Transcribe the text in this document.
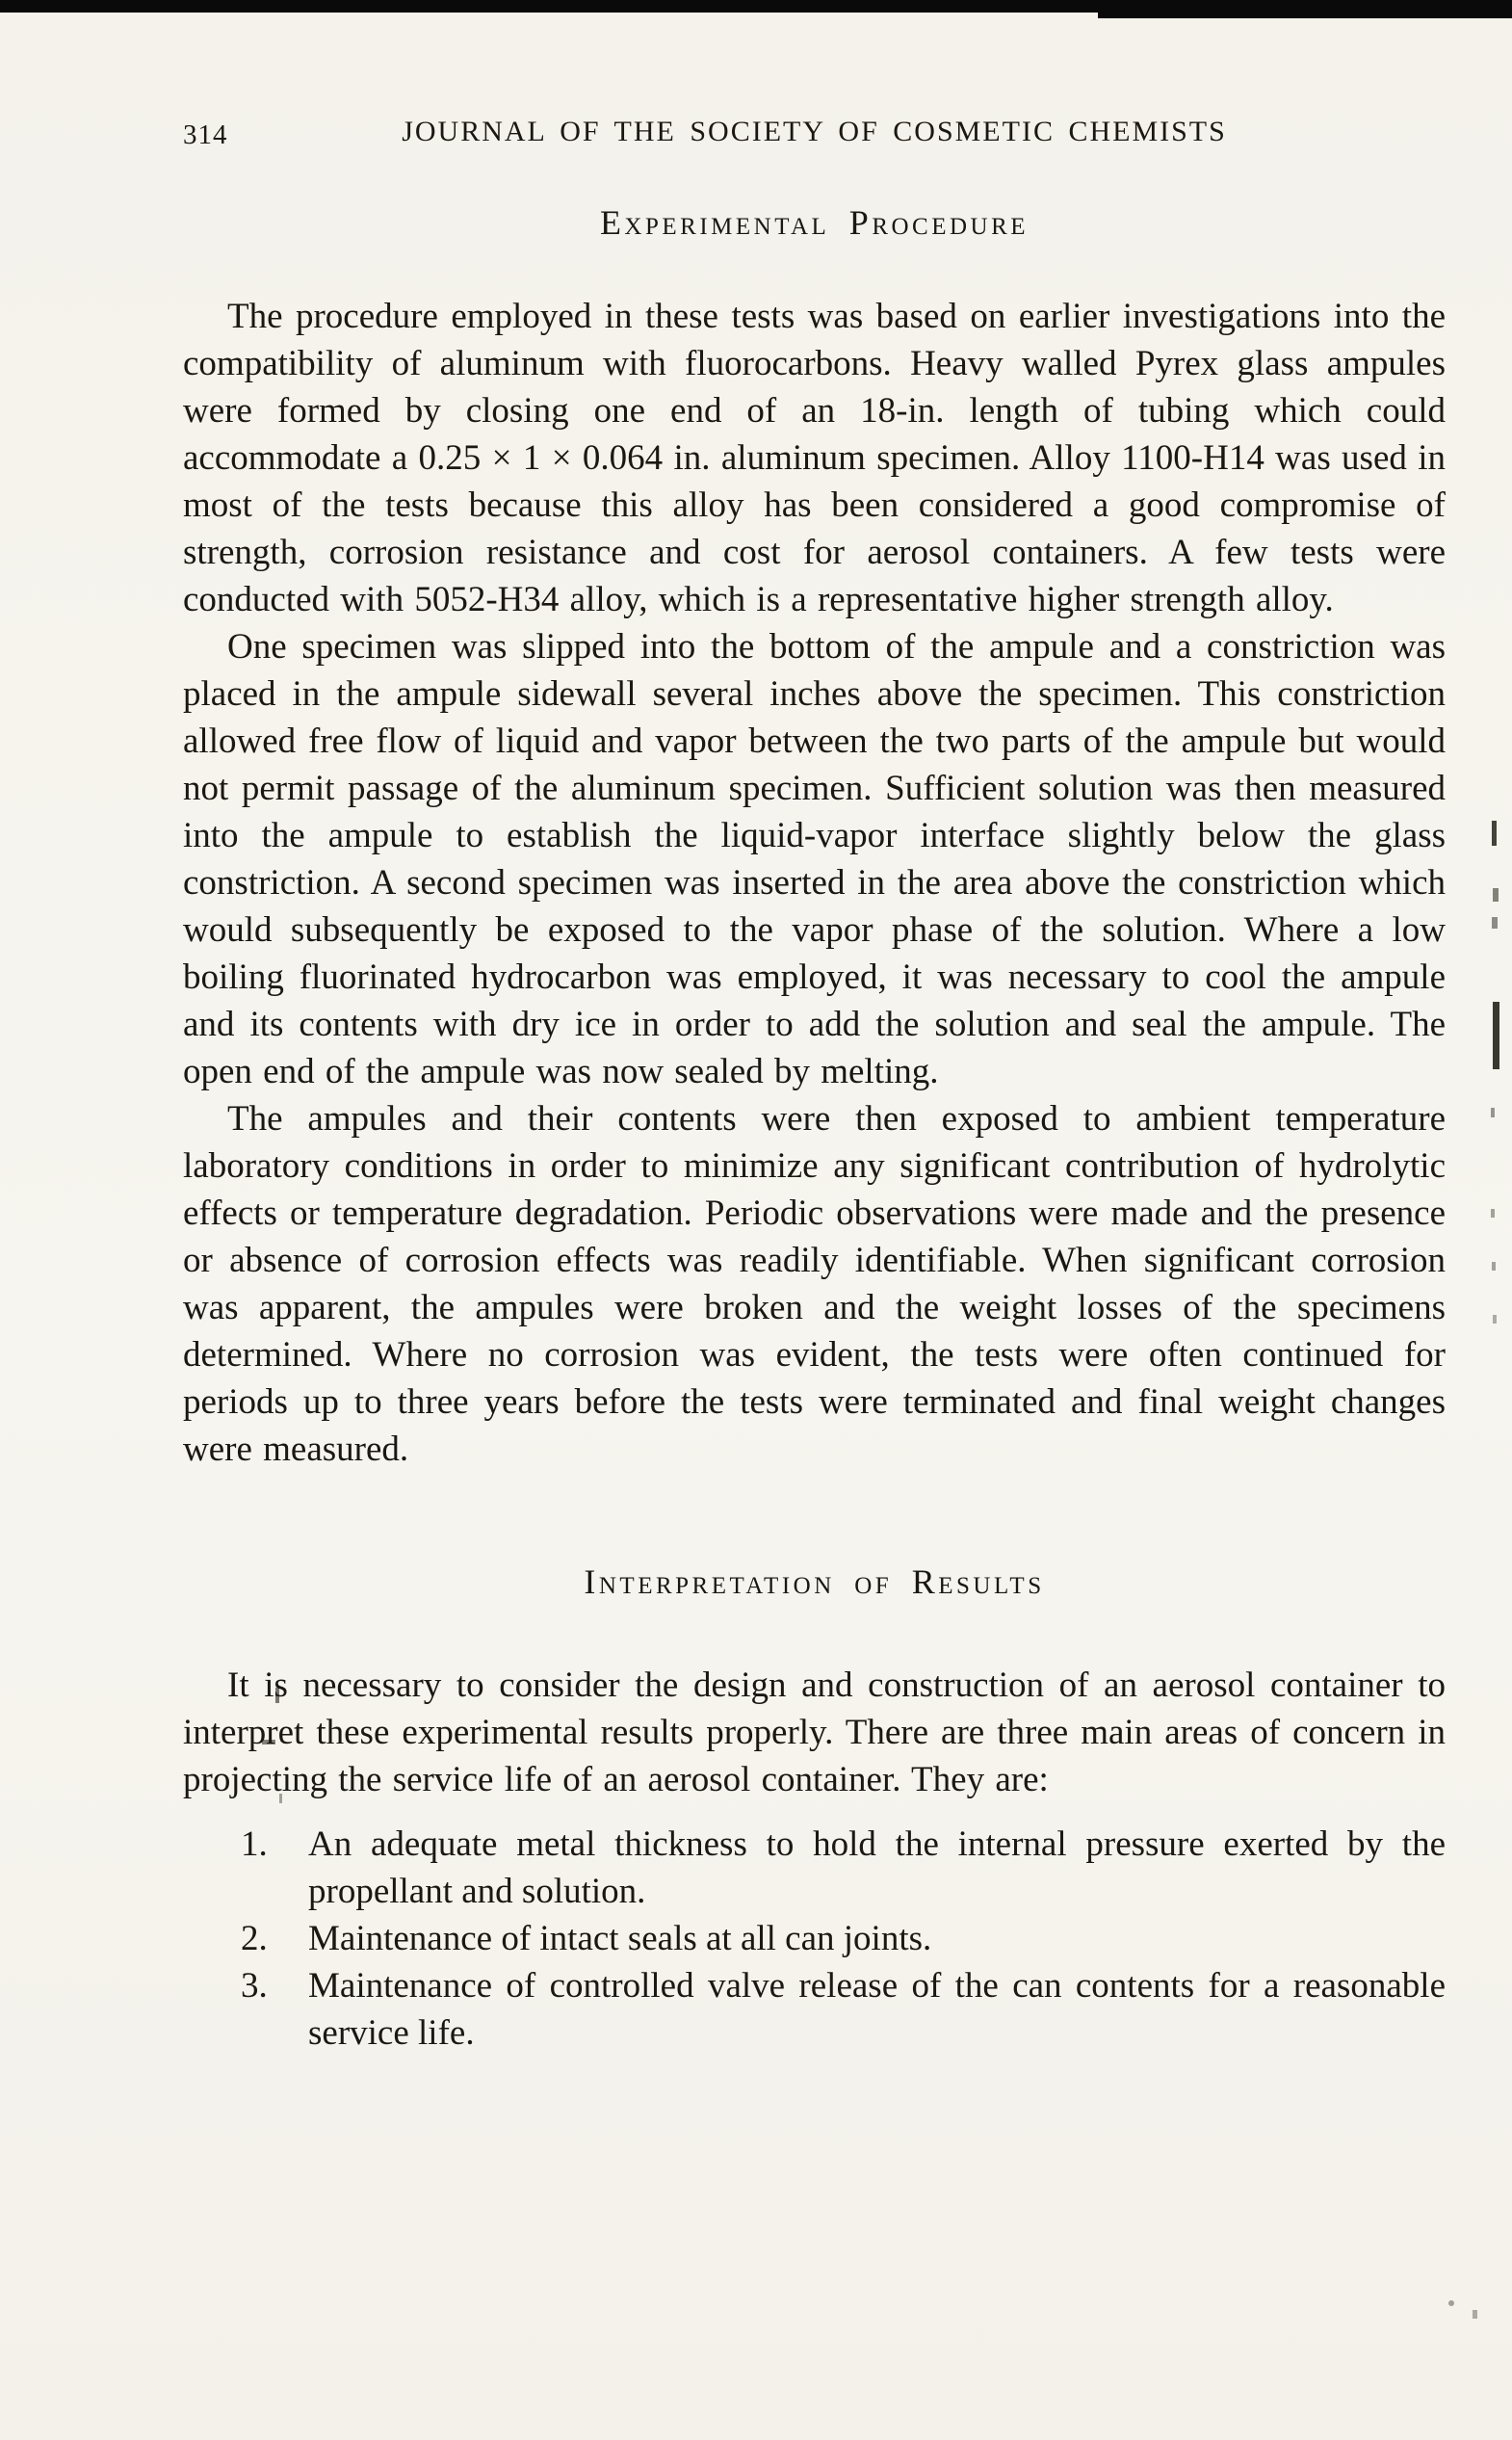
314	JOURNAL OF THE SOCIETY OF COSMETIC CHEMISTS
Experimental Procedure

The procedure employed in these tests was based on earlier investigations into the compatibility of aluminum with fluorocarbons. Heavy walled Pyrex glass ampules were formed by closing one end of an 18-in. length of tubing which could accommodate a 0.25 × 1 × 0.064 in. aluminum specimen. Alloy 1100-H14 was used in most of the tests because this alloy has been considered a good compromise of strength, corrosion resistance and cost for aerosol containers. A few tests were conducted with 5052-H34 alloy, which is a representative higher strength alloy.

One specimen was slipped into the bottom of the ampule and a constriction was placed in the ampule sidewall several inches above the specimen. This constriction allowed free flow of liquid and vapor between the two parts of the ampule but would not permit passage of the aluminum specimen. Sufficient solution was then measured into the ampule to establish the liquid-vapor interface slightly below the glass constriction. A second specimen was inserted in the area above the constriction which would subsequently be exposed to the vapor phase of the solution. Where a low boiling fluorinated hydrocarbon was employed, it was necessary to cool the ampule and its contents with dry ice in order to add the solution and seal the ampule. The open end of the ampule was now sealed by melting.

The ampules and their contents were then exposed to ambient temperature laboratory conditions in order to minimize any significant contribution of hydrolytic effects or temperature degradation. Periodic observations were made and the presence or absence of corrosion effects was readily identifiable. When significant corrosion was apparent, the ampules were broken and the weight losses of the specimens determined. Where no corrosion was evident, the tests were often continued for periods up to three years before the tests were terminated and final weight changes were measured.

Interpretation of Results

It is necessary to consider the design and construction of an aerosol container to interpret these experimental results properly. There are three main areas of concern in projecting the service life of an aerosol container. They are:

1.	An adequate metal thickness to hold the internal pressure exerted by the propellant and solution.
2.	Maintenance of intact seals at all can joints.
3.	Maintenance of controlled valve release of the can contents for a reasonable service life.
